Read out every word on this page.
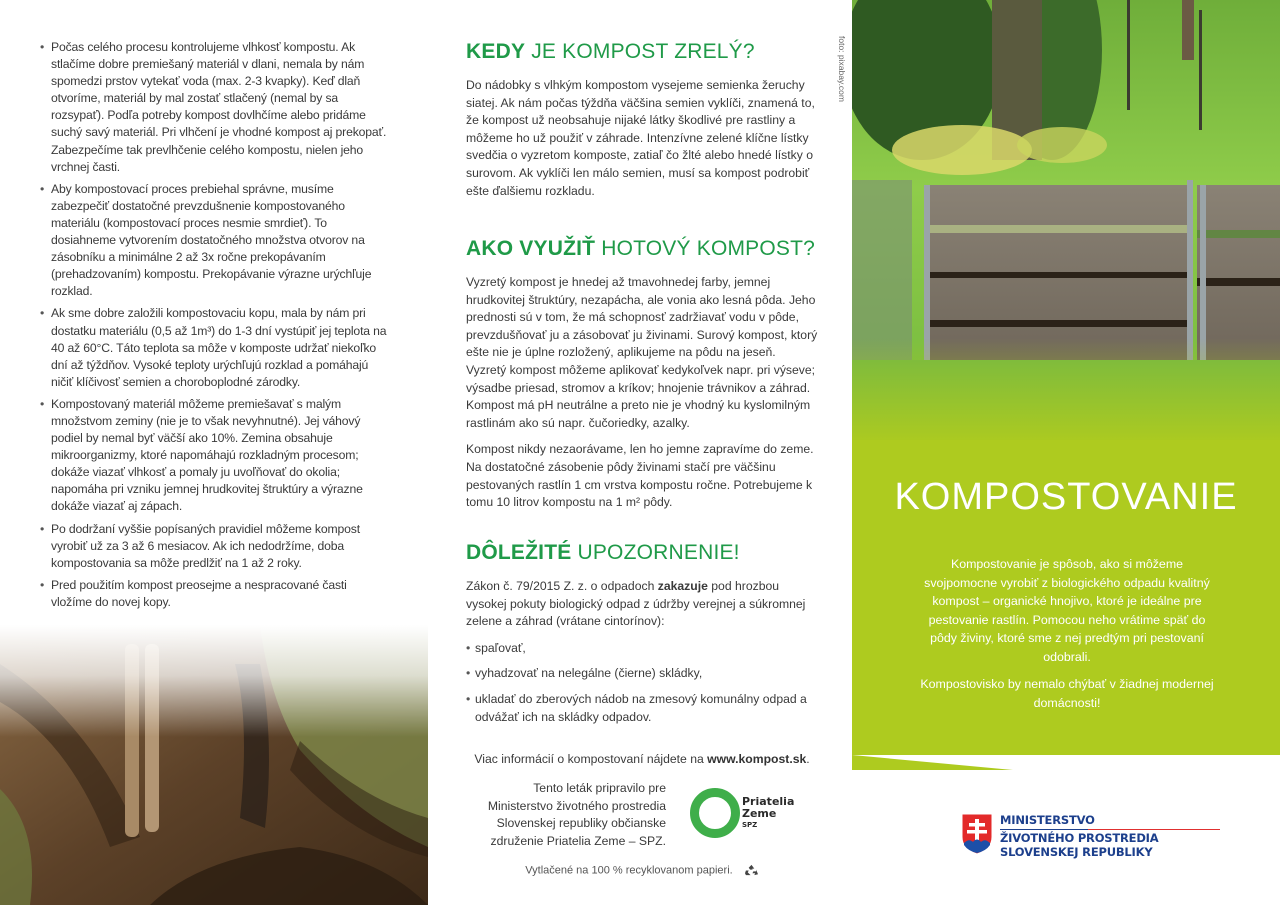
• Počas celého procesu kontrolujeme vlhkosť kompostu. Ak stlačíme dobre premiešaný materiál v dlani, nemala by nám spomedzi prstov vytekať voda (max. 2-3 kvapky). Keď dlaň otvoríme, materiál by mal zostať stlačený (nemal by sa rozsypať). Podľa potreby kompost dovlhčíme alebo pridáme suchý savý materiál. Pri vlhčení je vhodné kompost aj prekopať. Zabezpečíme tak prevlhčenie celého kompostu, nielen jeho vrchnej časti.
• Aby kompostovací proces prebiehal správne, musíme zabezpečiť dostatočné prevzdušnenie kompostovaného materiálu (kompostovací proces nesmie smrdieť). To dosiahneme vytvorením dostatočného množstva otvorov na zásobníku a minimálne 2 až 3x ročne prekopávaním (prehadzovaním) kompostu. Prekopávanie výrazne urýchľuje rozklad.
• Ak sme dobre založili kompostovaciu kopu, mala by nám pri dostatku materiálu (0,5 až 1m³) do 1-3 dní vystúpiť jej teplota na 40 až 60°C. Táto teplota sa môže v komposte udržať niekoľko dní až týždňov. Vysoké teploty urýchľujú rozklad a pomáhajú ničiť klíčivosť semien a choroboplodné zárodky.
• Kompostovaný materiál môžeme premiešavať s malým množstvom zeminy (nie je to však nevyhnutné). Jej váhový podiel by nemal byť väčší ako 10%. Zemina obsahuje mikroorganizmy, ktoré napomáhajú rozkladným procesom; dokáže viazať vlhkosť a pomaly ju uvoľňovať do okolia; napomáha pri vzniku jemnej hrudkovitej štruktúry a výrazne dokáže viazať aj zápach.
• Po dodržaní vyššie popísaných pravidiel môžeme kompost vyrobiť už za 3 až 6 mesiacov. Ak ich nedodržíme, doba kompostovania sa môže predlžiť na 1 až 2 roky.
• Pred použitím kompost preosejme a nespracované časti vložíme do novej kopy.
KEDY JE KOMPOST ZRELÝ?

Do nádobky s vlhkým kompostom vysejeme semienka žeruchy siatej. Ak nám počas týždňa väčšina semien vyklíči, znamená to, že kompost už neobsahuje nijaké látky škodlivé pre rastliny a môžeme ho už použiť v záhrade. Intenzívne zelené klíčne lístky svedčia o vyzretom komposte, zatiaľ čo žlté alebo hnedé lístky o surovom. Ak vyklíči len málo semien, musí sa kompost podrobiť ešte ďalšiemu rozkladu.

AKO VYUŽIŤ HOTOVÝ KOMPOST?

Vyzretý kompost je hnedej až tmavohnedej farby, jemnej hrudkovitej štruktúry, nezapácha, ale vonia ako lesná pôda. Jeho prednosti sú v tom, že má schopnosť zadržiavať vodu v pôde, prevzdušňovať ju a zásobovať ju živinami. Surový kompost, ktorý ešte nie je úplne rozložený, aplikujeme na pôdu na jeseň. Vyzretý kompost môžeme aplikovať kedykoľvek napr. pri výseve; výsadbe priesad, stromov a kríkov; hnojenie trávnikov a záhrad. Kompost má pH neutrálne a preto nie je vhodný ku kyslomilným rastlinám ako sú napr. čučoriedky, azalky.

Kompost nikdy nezaorávame, len ho jemne zapravíme do zeme. Na dostatočné zásobenie pôdy živinami stačí pre väčšinu pestovaných rastlín 1 cm vrstva kompostu ročne. Potrebujeme k tomu 10 litrov kompostu na 1 m² pôdy.

DÔLEŽITÉ UPOZORNENIE!

Zákon č. 79/2015 Z. z. o odpadoch zakazuje pod hrozbou vysokej pokuty biologický odpad z údržby verejnej a súkromnej zelene a záhrad (vrátane cintorínov):

• spaľovať,
• vyhadzovať na nelegálne (čierne) skládky,
• ukladať do zberových nádob na zmesový komunálny odpad a odvážať ich na skládky odpadov.
Viac informácií o kompostovaní nájdete na www.kompost.sk.
Tento leták pripravilo pre Ministerstvo životného prostredia Slovenskej republiky občianske združenie Priatelia Zeme – SPZ.
Priatelia
Zeme
SPZ
Vytlačené na 100 % recyklovanom papieri.
foto: pixabay.com
KOMPOSTOVANIE

Kompostovanie je spôsob, ako si môžeme svojpomocne vyrobiť z biologického odpadu kvalitný kompost – organické hnojivo, ktoré je ideálne pre pestovanie rastlín. Pomocou neho vrátime späť do pôdy živiny, ktoré sme z nej predtým pri pestovaní odobrali.

Kompostovisko by nemalo chýbať v žiadnej modernej domácnosti!

MINISTERSTVO
ŽIVOTNÉHO PROSTREDIA
SLOVENSKEJ REPUBLIKY
